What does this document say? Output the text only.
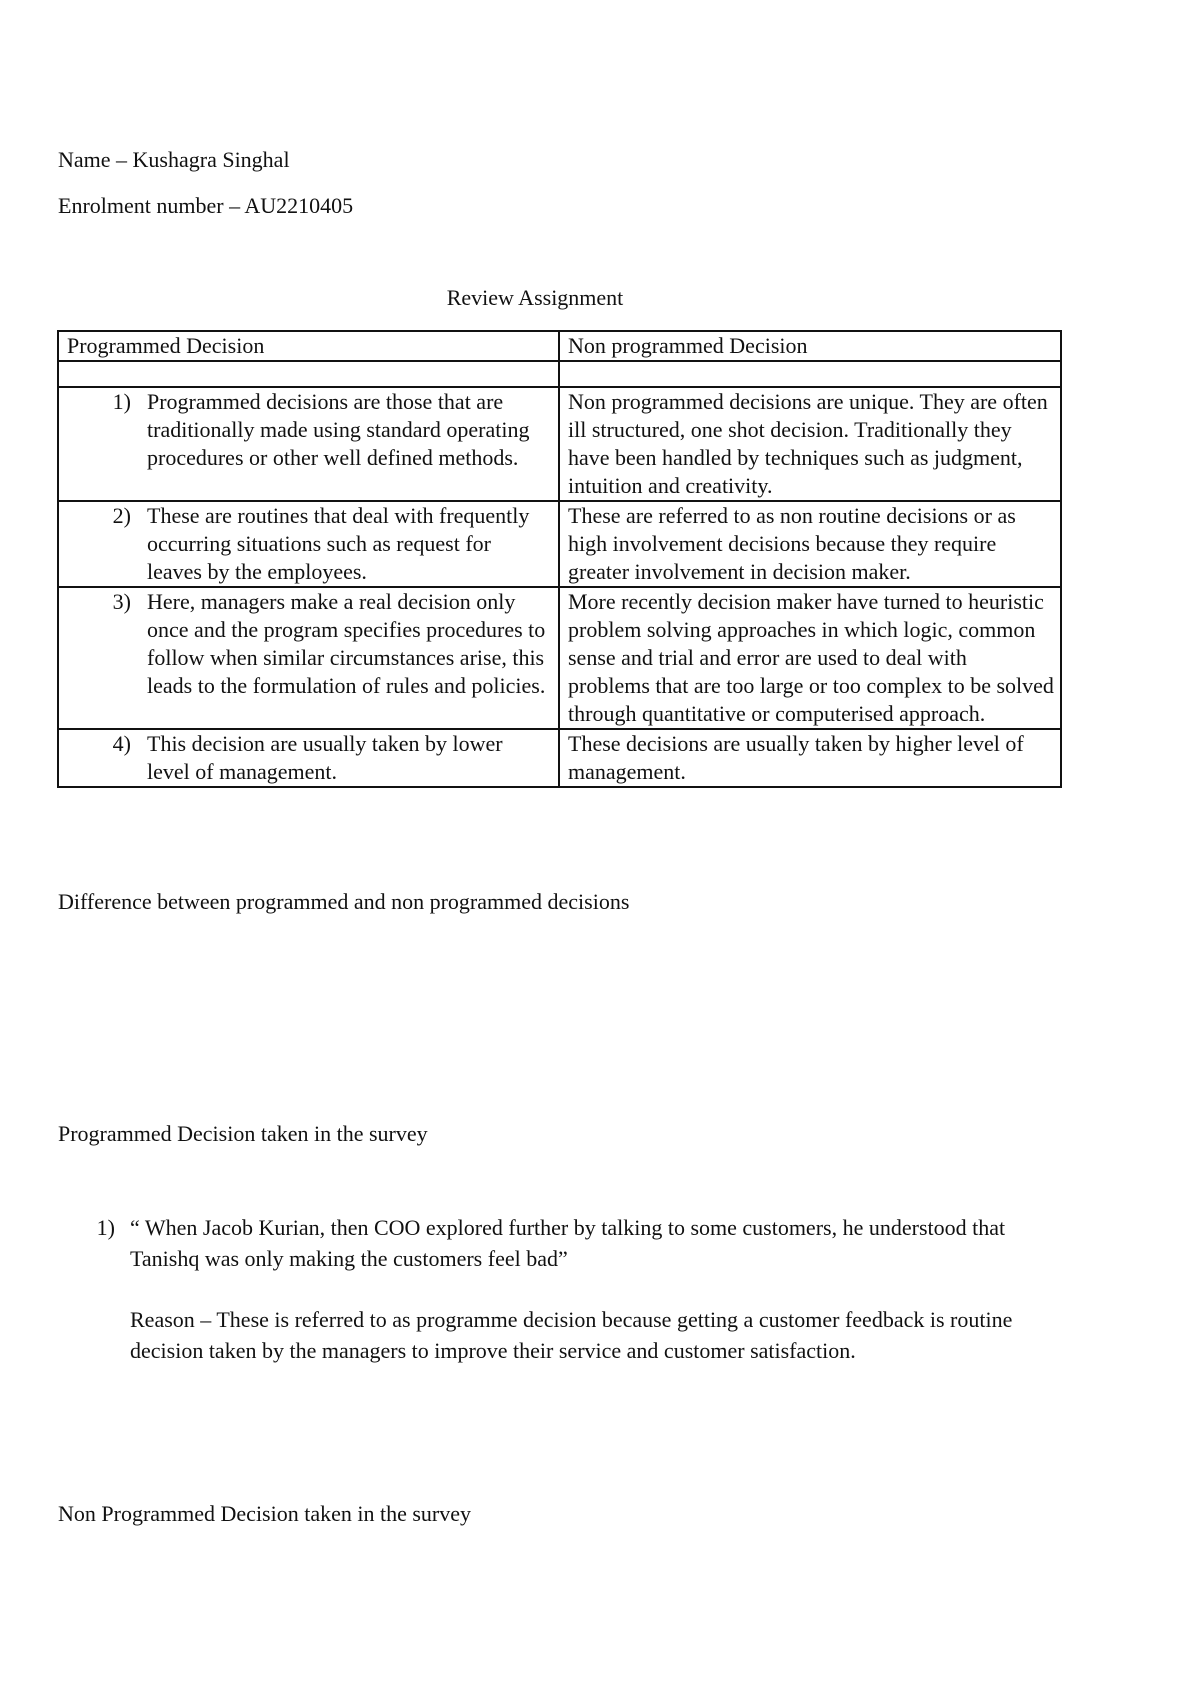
Name – Kushagra Singhal
Enrolment number – AU2210405
Review Assignment
Programmed Decision	Non programmed Decision

1) Programmed decisions are those that are traditionally made using standard operating procedures or other well defined methods.	Non programmed decisions are unique. They are often ill structured, one shot decision. Traditionally they have been handled by techniques such as judgment, intuition and creativity.

2) These are routines that deal with frequently occurring situations such as request for leaves by the employees.	These are referred to as non routine decisions or as high involvement decisions because they require greater involvement in decision maker.

3) Here, managers make a real decision only once and the program specifies procedures to follow when similar circumstances arise, this leads to the formulation of rules and policies.	More recently decision maker have turned to heuristic problem solving approaches in which logic, common sense and trial and error are used to deal with problems that are too large or too complex to be solved through quantitative or computerised approach.

4) This decision are usually taken by lower level of management.	These decisions are usually taken by higher level of management.
Difference between programmed and non programmed decisions
Programmed Decision taken in the survey
1) “ When Jacob Kurian, then COO explored further by talking to some customers, he understood that Tanishq was only making the customers feel bad”
Reason – These is referred to as programme decision because getting a customer feedback is routine decision taken by the managers to improve their service and customer satisfaction.
Non Programmed Decision taken in the survey
